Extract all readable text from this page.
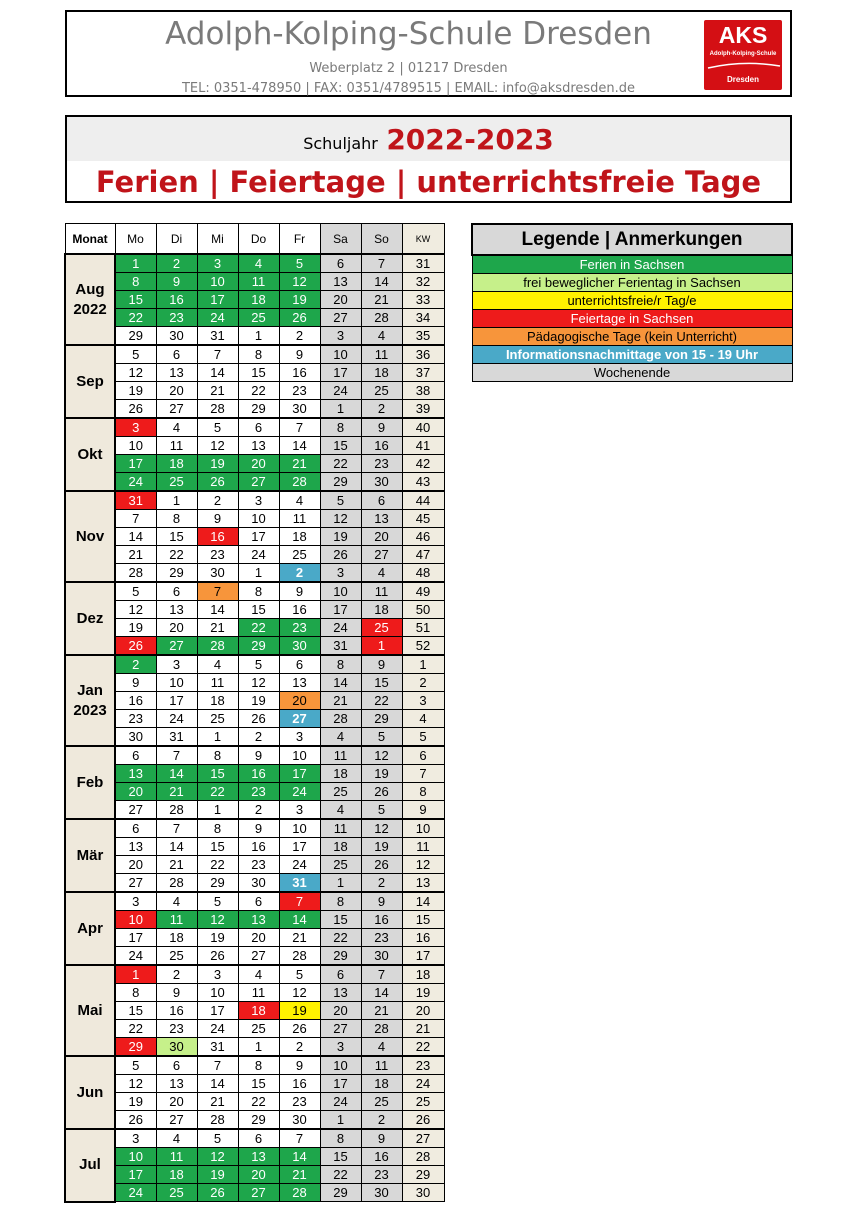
Adolph-Kolping-Schule Dresden
Weberplatz 2 | 01217 Dresden
TEL: 0351-478950 | FAX: 0351/4789515 | EMAIL: info@aksdresden.de
AKS
Adolph-Kolping-Schule
Dresden
Schuljahr 2022-2023
Ferien | Feiertage | unterrichtsfreie Tage
Monat	Mo	Di	Mi	Do	Fr	Sa	So	KW
Aug
2022	1	2	3	4	5	6	7	31
	8	9	10	11	12	13	14	32
	15	16	17	18	19	20	21	33
	22	23	24	25	26	27	28	34
	29	30	31	1	2	3	4	35
Sep	5	6	7	8	9	10	11	36
	12	13	14	15	16	17	18	37
	19	20	21	22	23	24	25	38
	26	27	28	29	30	1	2	39
Okt	3	4	5	6	7	8	9	40
	10	11	12	13	14	15	16	41
	17	18	19	20	21	22	23	42
	24	25	26	27	28	29	30	43
Nov	31	1	2	3	4	5	6	44
	7	8	9	10	11	12	13	45
	14	15	16	17	18	19	20	46
	21	22	23	24	25	26	27	47
	28	29	30	1	2	3	4	48
Dez	5	6	7	8	9	10	11	49
	12	13	14	15	16	17	18	50
	19	20	21	22	23	24	25	51
	26	27	28	29	30	31	1	52
Jan
2023	2	3	4	5	6	8	9	1
	9	10	11	12	13	14	15	2
	16	17	18	19	20	21	22	3
	23	24	25	26	27	28	29	4
	30	31	1	2	3	4	5	5
Feb	6	7	8	9	10	11	12	6
	13	14	15	16	17	18	19	7
	20	21	22	23	24	25	26	8
	27	28	1	2	3	4	5	9
Mär	6	7	8	9	10	11	12	10
	13	14	15	16	17	18	19	11
	20	21	22	23	24	25	26	12
	27	28	29	30	31	1	2	13
Apr	3	4	5	6	7	8	9	14
	10	11	12	13	14	15	16	15
	17	18	19	20	21	22	23	16
	24	25	26	27	28	29	30	17
Mai	1	2	3	4	5	6	7	18
	8	9	10	11	12	13	14	19
	15	16	17	18	19	20	21	20
	22	23	24	25	26	27	28	21
	29	30	31	1	2	3	4	22
Jun	5	6	7	8	9	10	11	23
	12	13	14	15	16	17	18	24
	19	20	21	22	23	24	25	25
	26	27	28	29	30	1	2	26
Jul	3	4	5	6	7	8	9	27
	10	11	12	13	14	15	16	28
	17	18	19	20	21	22	23	29
	24	25	26	27	28	29	30	30
Legende | Anmerkungen
Ferien in Sachsen
frei beweglicher Ferientag in Sachsen
unterrichtsfreie/r Tag/e
Feiertage in Sachsen
Pädagogische Tage (kein Unterricht)
Informationsnachmittage von 15 - 19 Uhr
Wochenende
